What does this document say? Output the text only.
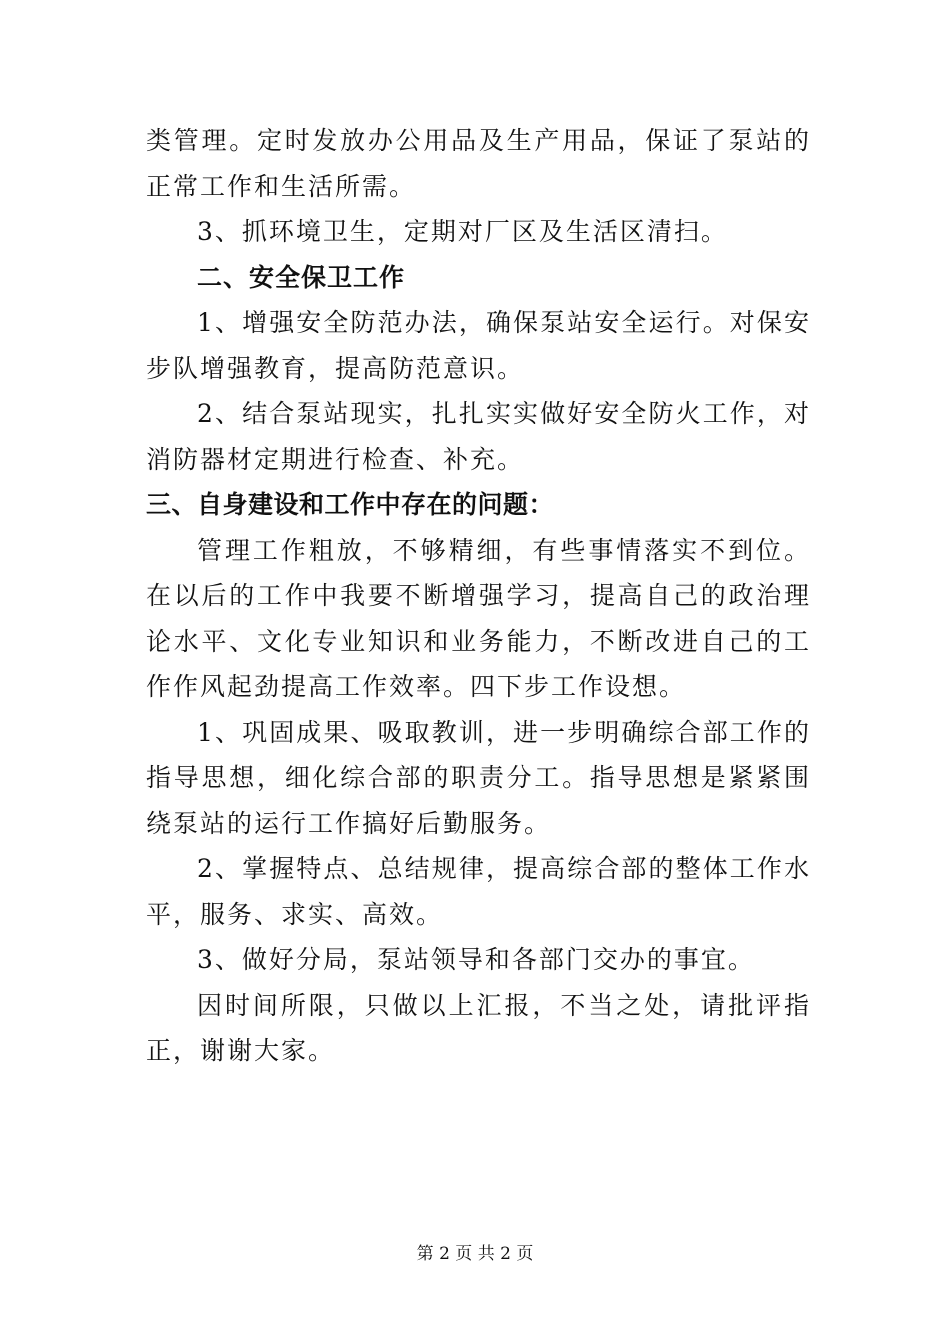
类管理。定时发放办公用品及生产用品，保证了泵站的正常工作和生活所需。

3、抓环境卫生，定期对厂区及生活区清扫。

二、安全保卫工作

1、增强安全防范办法，确保泵站安全运行。对保安步队增强教育，提高防范意识。

2、结合泵站现实，扎扎实实做好安全防火工作，对消防器材定期进行检查、补充。

三、自身建设和工作中存在的问题：

管理工作粗放，不够精细，有些事情落实不到位。在以后的工作中我要不断增强学习，提高自己的政治理论水平、文化专业知识和业务能力，不断改进自己的工作作风起劲提高工作效率。四下步工作设想。

1、巩固成果、吸取教训，进一步明确综合部工作的指导思想，细化综合部的职责分工。指导思想是紧紧围绕泵站的运行工作搞好后勤服务。

2、掌握特点、总结规律，提高综合部的整体工作水平，服务、求实、高效。

3、做好分局，泵站领导和各部门交办的事宜。

因时间所限，只做以上汇报，不当之处，请批评指正，谢谢大家。

第 2 页 共 2 页
